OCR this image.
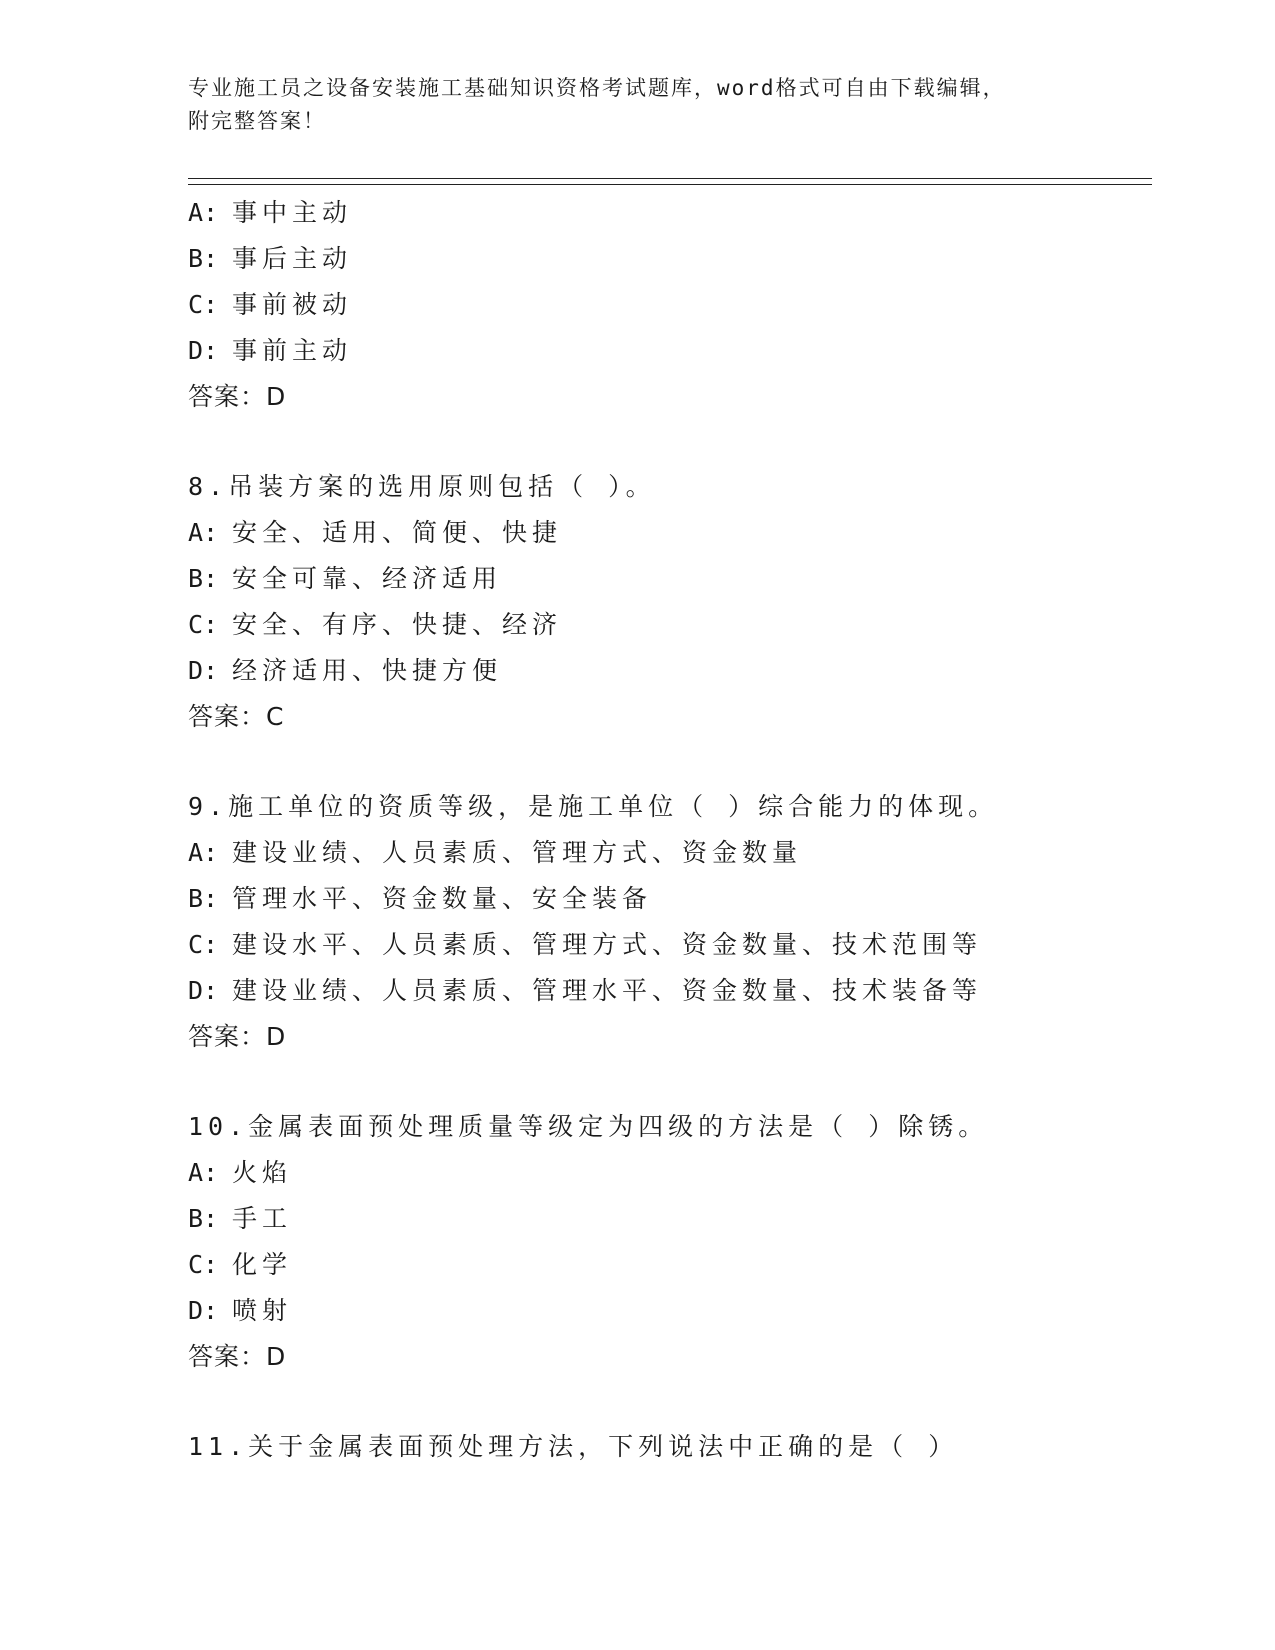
专业施工员之设备安装施工基础知识资格考试题库，word格式可自由下载编辑，
附完整答案！
A: 事中主动
B: 事后主动
C: 事前被动
D: 事前主动
答案：D
8.吊装方案的选用原则包括（ ）。
A: 安全、适用、简便、快捷
B: 安全可靠、经济适用
C: 安全、有序、快捷、经济
D: 经济适用、快捷方便
答案：C
9.施工单位的资质等级，是施工单位（ ）综合能力的体现。
A: 建设业绩、人员素质、管理方式、资金数量
B: 管理水平、资金数量、安全装备
C: 建设水平、人员素质、管理方式、资金数量、技术范围等
D: 建设业绩、人员素质、管理水平、资金数量、技术装备等
答案：D
10.金属表面预处理质量等级定为四级的方法是（ ）除锈。
A: 火焰
B: 手工
C: 化学
D: 喷射
答案：D
11.关于金属表面预处理方法，下列说法中正确的是（ ）
